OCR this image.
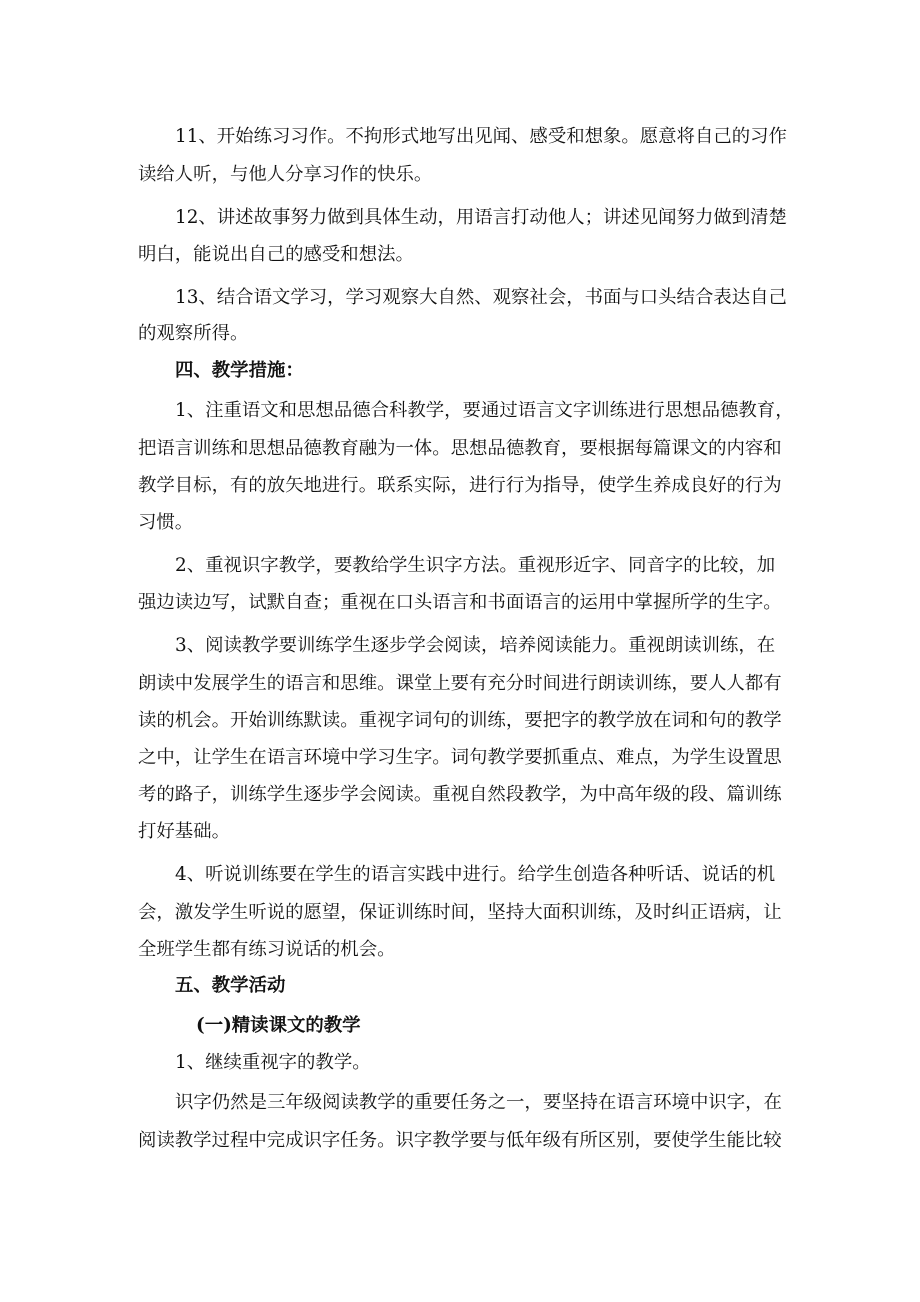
11、开始练习习作。不拘形式地写出见闻、感受和想象。愿意将自己的习作
读给人听，与他人分享习作的快乐。
12、讲述故事努力做到具体生动，用语言打动他人；讲述见闻努力做到清楚
明白，能说出自己的感受和想法。
13、结合语文学习，学习观察大自然、观察社会，书面与口头结合表达自己
的观察所得。
四、教学措施：
1、注重语文和思想品德合科教学，要通过语言文字训练进行思想品德教育，
把语言训练和思想品德教育融为一体。思想品德教育，要根据每篇课文的内容和
教学目标，有的放矢地进行。联系实际，进行行为指导，使学生养成良好的行为
习惯。
2、重视识字教学，要教给学生识字方法。重视形近字、同音字的比较，加
强边读边写，试默自查；重视在口头语言和书面语言的运用中掌握所学的生字。
3、阅读教学要训练学生逐步学会阅读，培养阅读能力。重视朗读训练，在
朗读中发展学生的语言和思维。课堂上要有充分时间进行朗读训练，要人人都有
读的机会。开始训练默读。重视字词句的训练，要把字的教学放在词和句的教学
之中，让学生在语言环境中学习生字。词句教学要抓重点、难点，为学生设置思
考的路子，训练学生逐步学会阅读。重视自然段教学，为中高年级的段、篇训练
打好基础。
4、听说训练要在学生的语言实践中进行。给学生创造各种听话、说话的机
会，激发学生听说的愿望，保证训练时间，坚持大面积训练，及时纠正语病，让
全班学生都有练习说话的机会。
五、教学活动
(一)精读课文的教学
1、继续重视字的教学。
识字仍然是三年级阅读教学的重要任务之一，要坚持在语言环境中识字，在
阅读教学过程中完成识字任务。识字教学要与低年级有所区别，要使学生能比较
